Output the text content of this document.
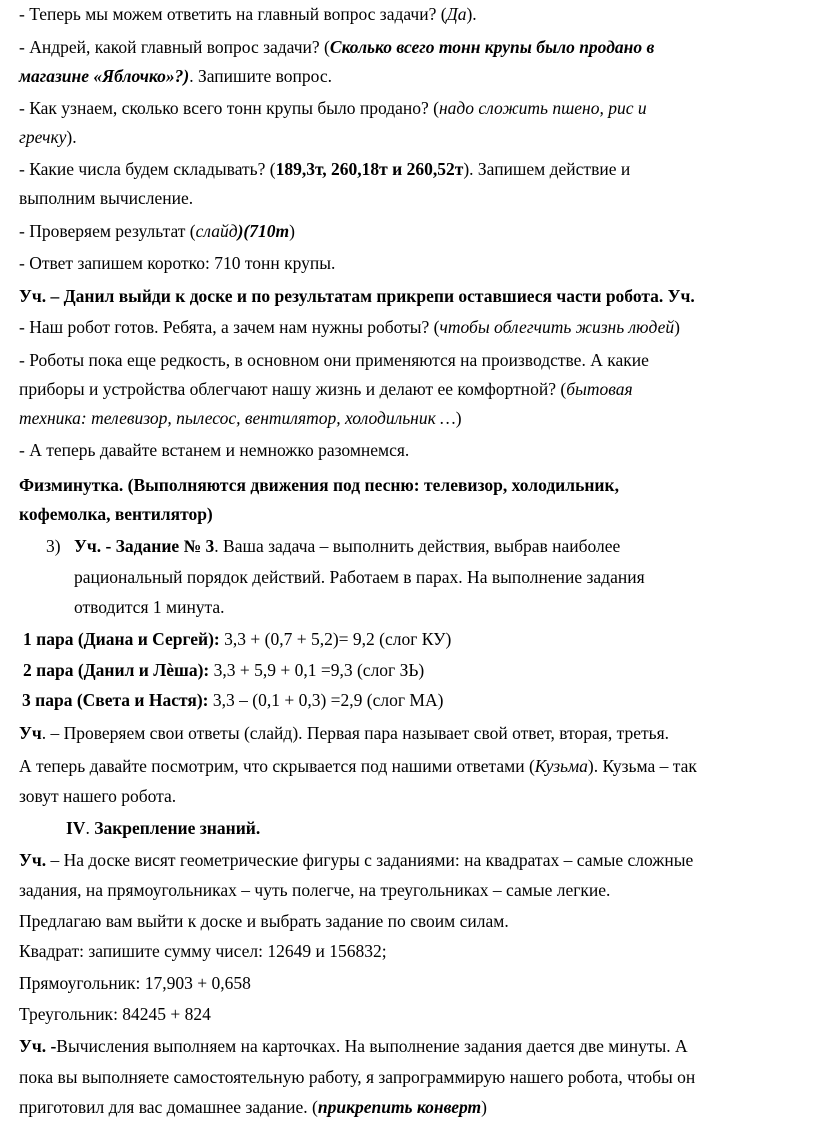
- Теперь мы можем ответить на главный вопрос задачи? (Да).
- Андрей, какой главный вопрос задачи? (Сколько всего тонн крупы было продано в
магазине «Яблочко»?). Запишите вопрос.
- Как узнаем, сколько всего тонн крупы было продано? (надо сложить пшено, рис и
гречку).
- Какие числа будем складывать? (189,3т, 260,18т и 260,52т). Запишем действие и
выполним вычисление.
- Проверяем результат (слайд)(710т)
- Ответ запишем коротко: 710 тонн крупы.
Уч. – Данил выйди к доске и по результатам прикрепи оставшиеся части робота. Уч.
- Наш робот готов. Ребята, а зачем нам нужны роботы? (чтобы облегчить жизнь людей)
- Роботы пока еще редкость, в основном они применяются на производстве. А какие
приборы и устройства облегчают нашу жизнь и делают ее комфортной? (бытовая
техника: телевизор, пылесос, вентилятор, холодильник …)
- А теперь давайте встанем и немножко разомнемся.
Физминутка. (Выполняются движения под песню: телевизор, холодильник,
кофемолка, вентилятор)
3) Уч. - Задание № 3. Ваша задача – выполнить действия, выбрав наиболее
рациональный порядок действий. Работаем в парах. На выполнение задания
отводится 1 минута.
1 пара (Диана и Сергей): 3,3 + (0,7 + 5,2)= 9,2 (слог КУ)
2 пара (Данил и Лѐша): 3,3 + 5,9 + 0,1 =9,3 (слог ЗЬ)
3 пара (Света и Настя): 3,3 – (0,1 + 0,3) =2,9 (слог МА)
Уч. – Проверяем свои ответы (слайд). Первая пара называет свой ответ, вторая, третья.
А теперь давайте посмотрим, что скрывается под нашими ответами (Кузьма). Кузьма – так
зовут нашего робота.
IV. Закрепление знаний.
Уч. – На доске висят геометрические фигуры с заданиями: на квадратах – самые сложные
задания, на прямоугольниках – чуть полегче, на треугольниках – самые легкие.
Предлагаю вам выйти к доске и выбрать задание по своим силам.
Квадрат: запишите сумму чисел: 12649 и 156832;
Прямоугольник: 17,903 + 0,658
Треугольник: 84245 + 824
Уч. -Вычисления выполняем на карточках. На выполнение задания дается две минуты. А
пока вы выполняете самостоятельную работу, я запрограммирую нашего робота, чтобы он
приготовил для вас домашнее задание. (прикрепить конверт)
